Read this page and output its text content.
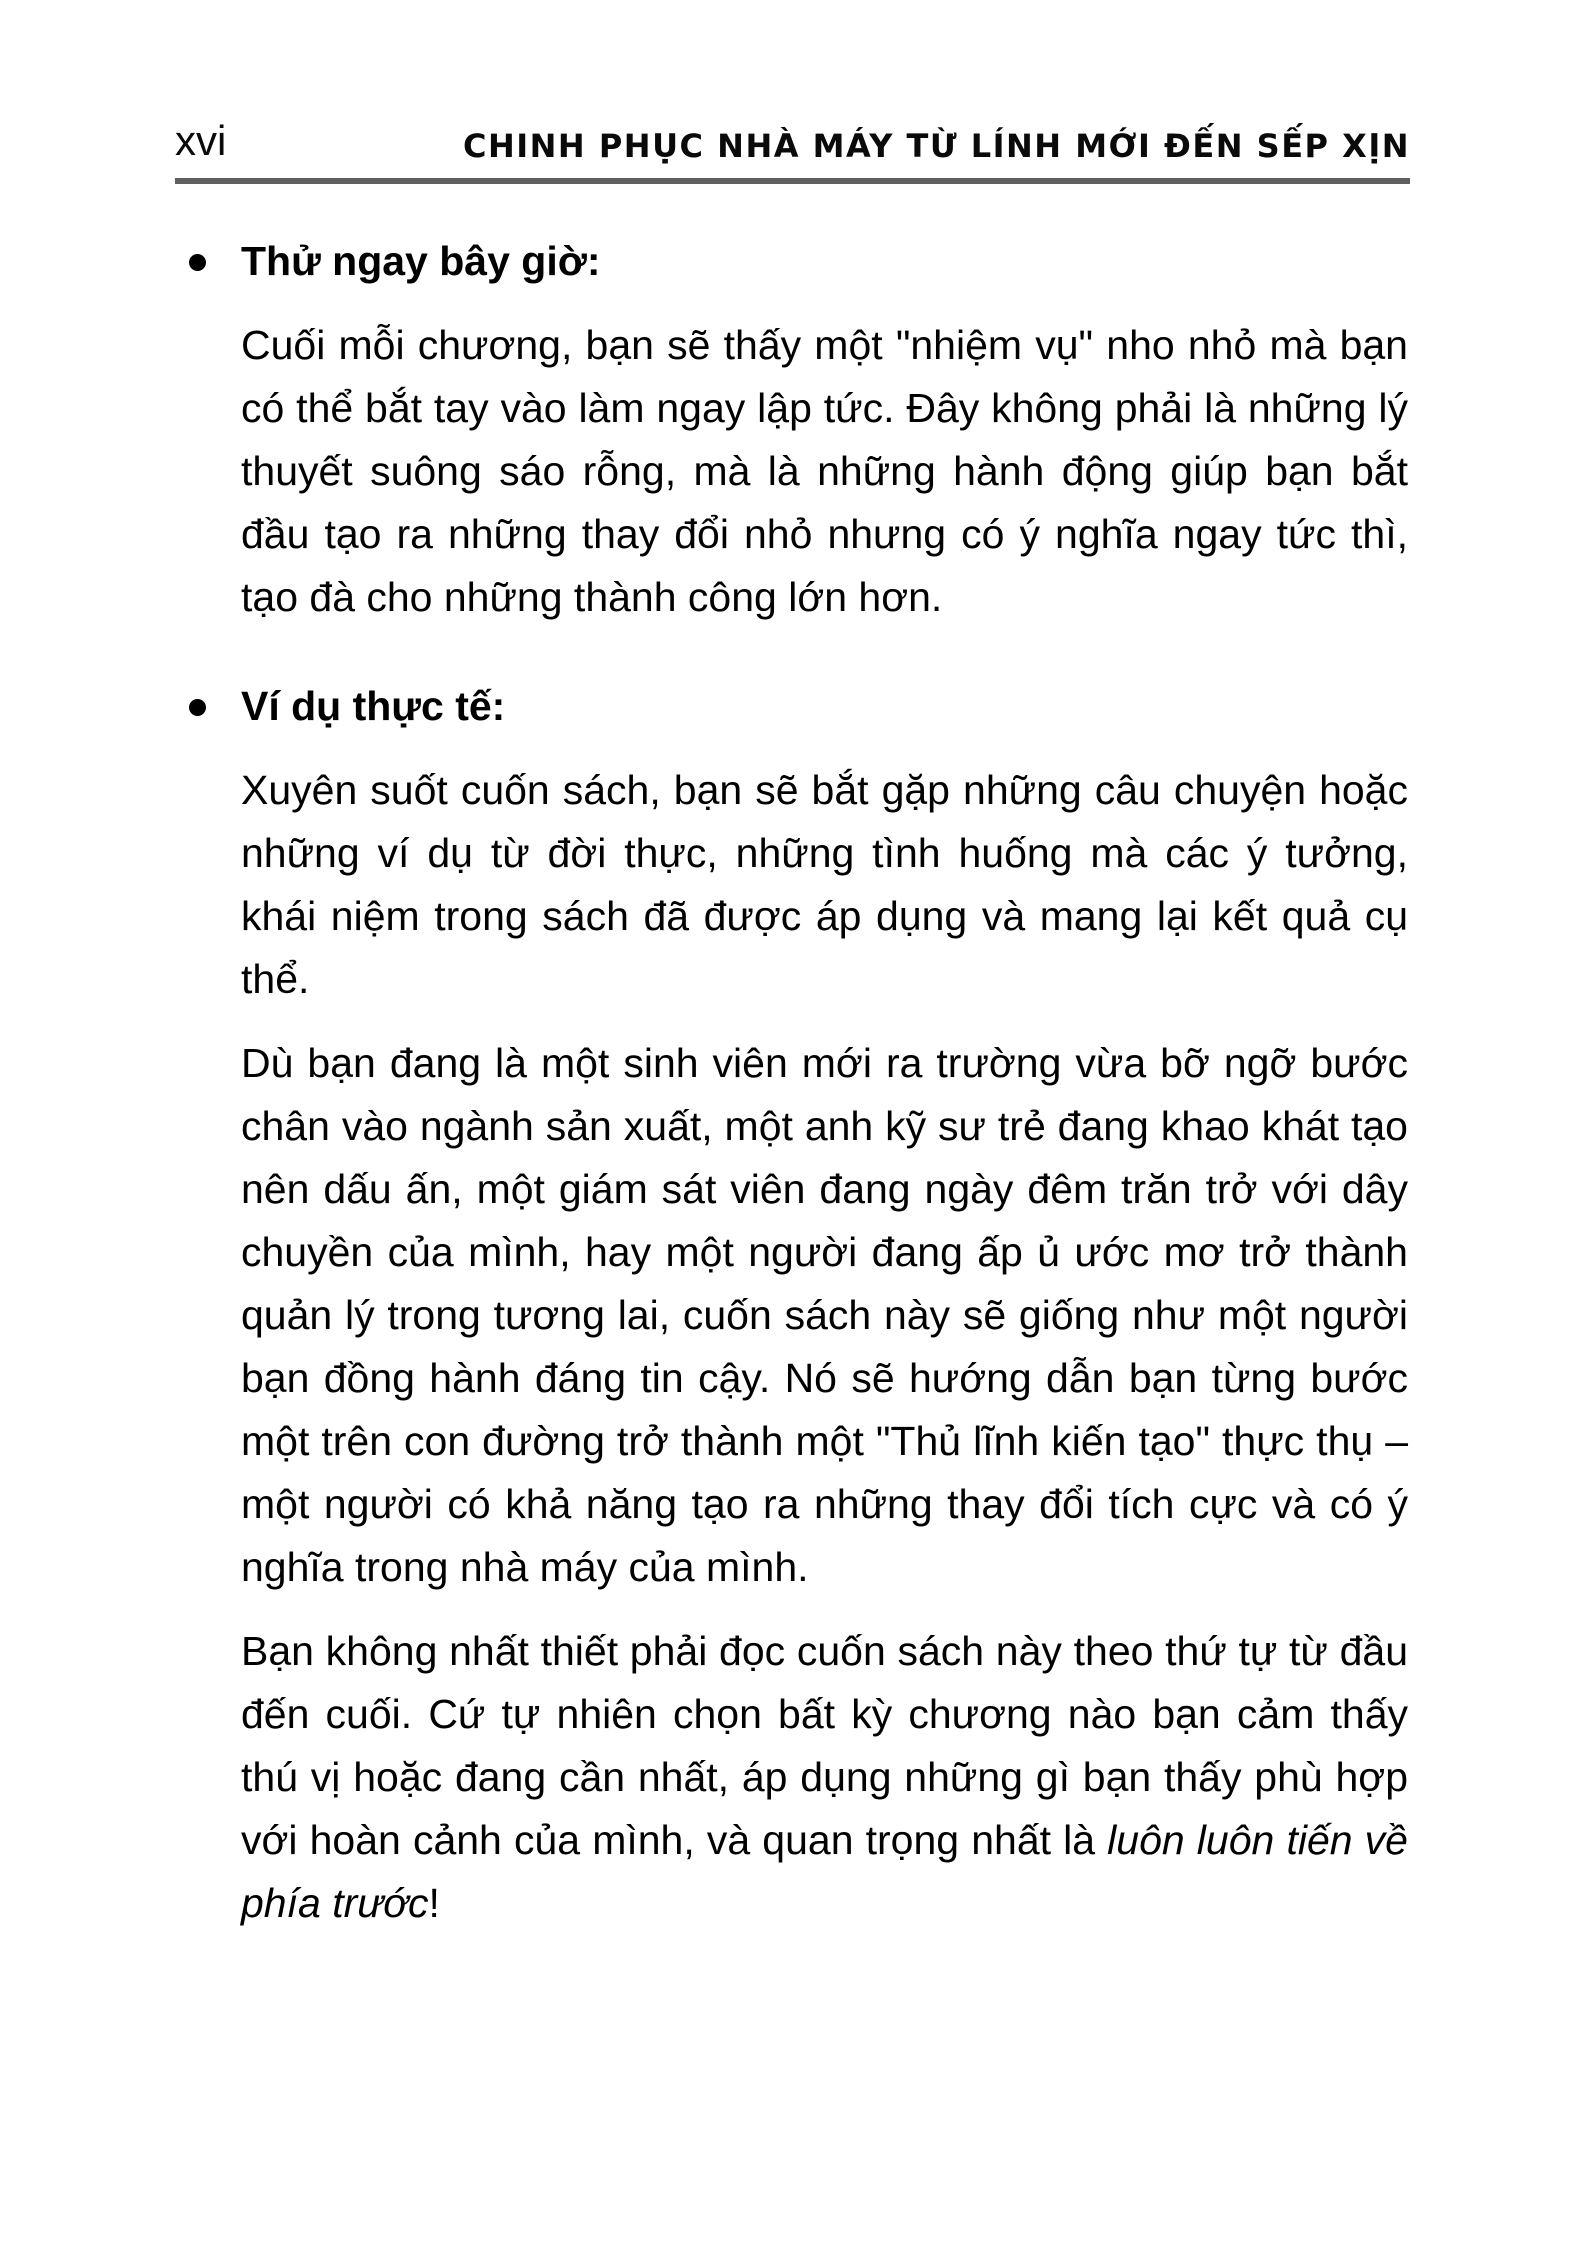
xvi	CHINH PHỤC NHÀ MÁY TỪ LÍNH MỚI ĐẾN SẾP XỊN
Thử ngay bây giờ:

Cuối mỗi chương, bạn sẽ thấy một "nhiệm vụ" nho nhỏ mà bạn có thể bắt tay vào làm ngay lập tức. Đây không phải là những lý thuyết suông sáo rỗng, mà là những hành động giúp bạn bắt đầu tạo ra những thay đổi nhỏ nhưng có ý nghĩa ngay tức thì, tạo đà cho những thành công lớn hơn.

Ví dụ thực tế:

Xuyên suốt cuốn sách, bạn sẽ bắt gặp những câu chuyện hoặc những ví dụ từ đời thực, những tình huống mà các ý tưởng, khái niệm trong sách đã được áp dụng và mang lại kết quả cụ thể.

Dù bạn đang là một sinh viên mới ra trường vừa bỡ ngỡ bước chân vào ngành sản xuất, một anh kỹ sư trẻ đang khao khát tạo nên dấu ấn, một giám sát viên đang ngày đêm trăn trở với dây chuyền của mình, hay một người đang ấp ủ ước mơ trở thành quản lý trong tương lai, cuốn sách này sẽ giống như một người bạn đồng hành đáng tin cậy. Nó sẽ hướng dẫn bạn từng bước một trên con đường trở thành một "Thủ lĩnh kiến tạo" thực thụ – một người có khả năng tạo ra những thay đổi tích cực và có ý nghĩa trong nhà máy của mình.

Bạn không nhất thiết phải đọc cuốn sách này theo thứ tự từ đầu đến cuối. Cứ tự nhiên chọn bất kỳ chương nào bạn cảm thấy thú vị hoặc đang cần nhất, áp dụng những gì bạn thấy phù hợp với hoàn cảnh của mình, và quan trọng nhất là luôn luôn tiến về phía trước!
